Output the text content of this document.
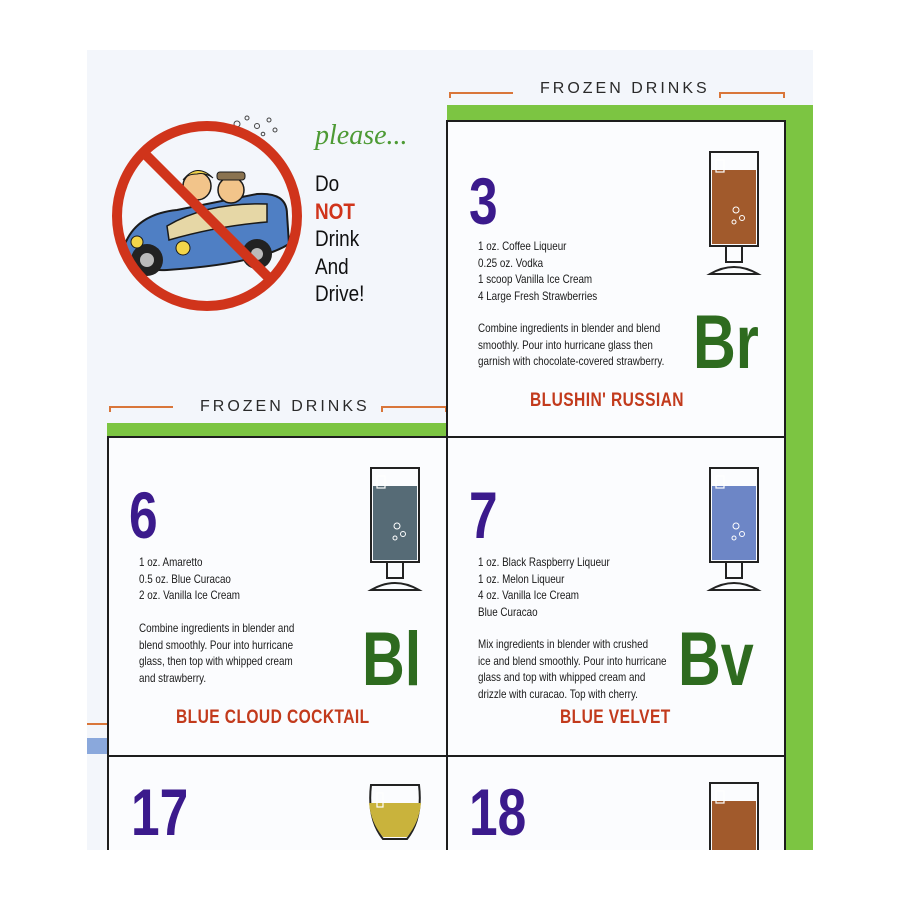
please...
Do
NOT
Drink
And
Drive!
FROZEN DRINKS
FROZEN DRINKS
3
1 oz. Coffee Liqueur
0.25 oz. Vodka
1 scoop Vanilla Ice Cream
4 Large Fresh Strawberries
Combine ingredients in blender and blend
smoothly. Pour into hurricane glass then
garnish with chocolate-covered strawberry. Br
BLUSHIN' RUSSIAN
6
1 oz. Amaretto
0.5 oz. Blue Curacao
2 oz. Vanilla Ice Cream
Combine ingredients in blender and
blend smoothly. Pour into hurricane
glass, then top with whipped cream
and strawberry.	Bl
BLUE CLOUD COCKTAIL
7
1 oz. Black Raspberry Liqueur
1 oz. Melon Liqueur
4 oz. Vanilla Ice Cream
Blue Curacao
Mix ingredients in blender with crushed
ice and blend smoothly. Pour into hurricane
glass and top with whipped cream and
drizzle with curacao. Top with cherry. Bv
BLUE VELVET
17	18
